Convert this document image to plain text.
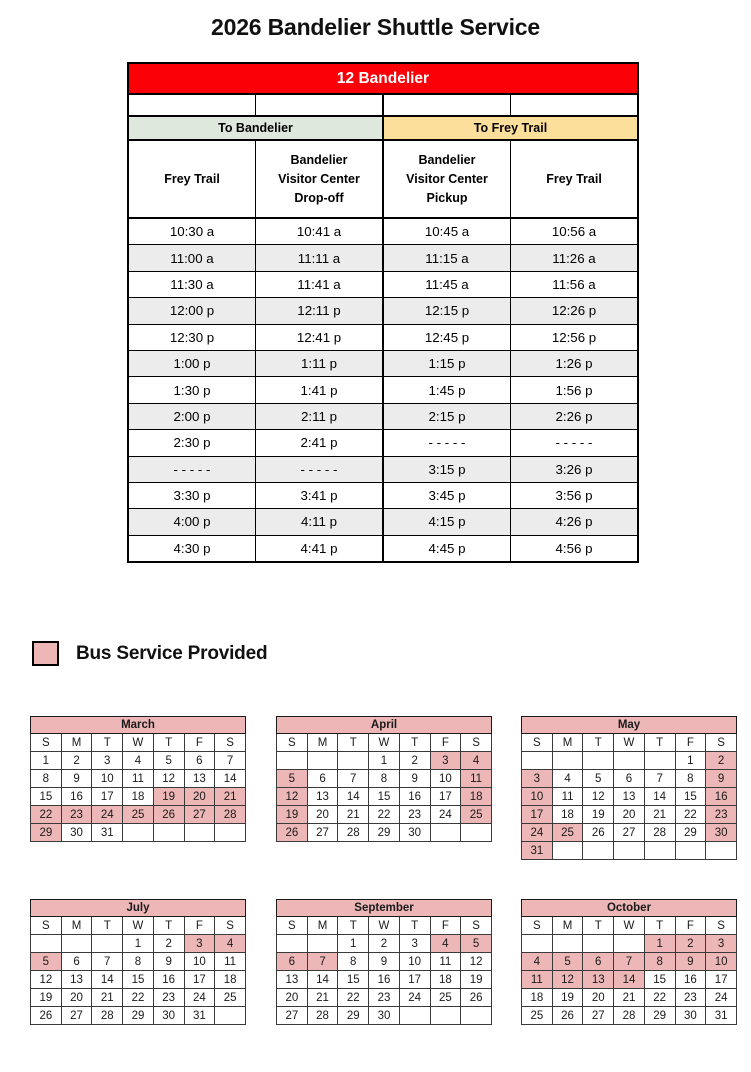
2026 Bandelier Shuttle Service
12 Bandelier			

To Bandelier		To Frey Trail	

Frey Trail

Bandelier
Visitor Center
Drop-off

Bandelier
Visitor Center
Pickup

Frey Trail

10:30 a	10:41 a	10:45 a	10:56 a
11:00 a	11:11 a	11:15 a	11:26 a
11:30 a	11:41 a	11:45 a	11:56 a
12:00 p	12:11 p	12:15 p	12:26 p
12:30 p	12:41 p	12:45 p	12:56 p
1:00 p	1:11 p	1:15 p	1:26 p
1:30 p	1:41 p	1:45 p	1:56 p
2:00 p	2:11 p	2:15 p	2:26 p
2:30 p	2:41 p	- - - - -	- - - - -
- - - - -	- - - - -	3:15 p	3:26 p
3:30 p	3:41 p	3:45 p	3:56 p
4:00 p	4:11 p	4:15 p	4:26 p
4:30 p	4:41 p	4:45 p	4:56 p
Bus Service Provided
March						
S	M	T	W	T	F	S
1	2	3	4	5	6	7
8	9	10	11	12	13	14
15	16	17	18	19	20	21
22	23	24	25	26	27	28
29	30	31				
April						
S	M	T	W	T	F	S
			1	2	3	4
5	6	7	8	9	10	11
12	13	14	15	16	17	18
19	20	21	22	23	24	25
26	27	28	29	30		
May						
S	M	T	W	T	F	S
					1	2
3	4	5	6	7	8	9
10	11	12	13	14	15	16
17	18	19	20	21	22	23
24	25	26	27	28	29	30
31						
July						
S	M	T	W	T	F	S
			1	2	3	4
5	6	7	8	9	10	11
12	13	14	15	16	17	18
19	20	21	22	23	24	25
26	27	28	29	30	31	
September						
S	M	T	W	T	F	S
		1	2	3	4	5
6	7	8	9	10	11	12
13	14	15	16	17	18	19
20	21	22	23	24	25	26
27	28	29	30			
October						
S	M	T	W	T	F	S
				1	2	3
4	5	6	7	8	9	10
11	12	13	14	15	16	17
18	19	20	21	22	23	24
25	26	27	28	29	30	31
